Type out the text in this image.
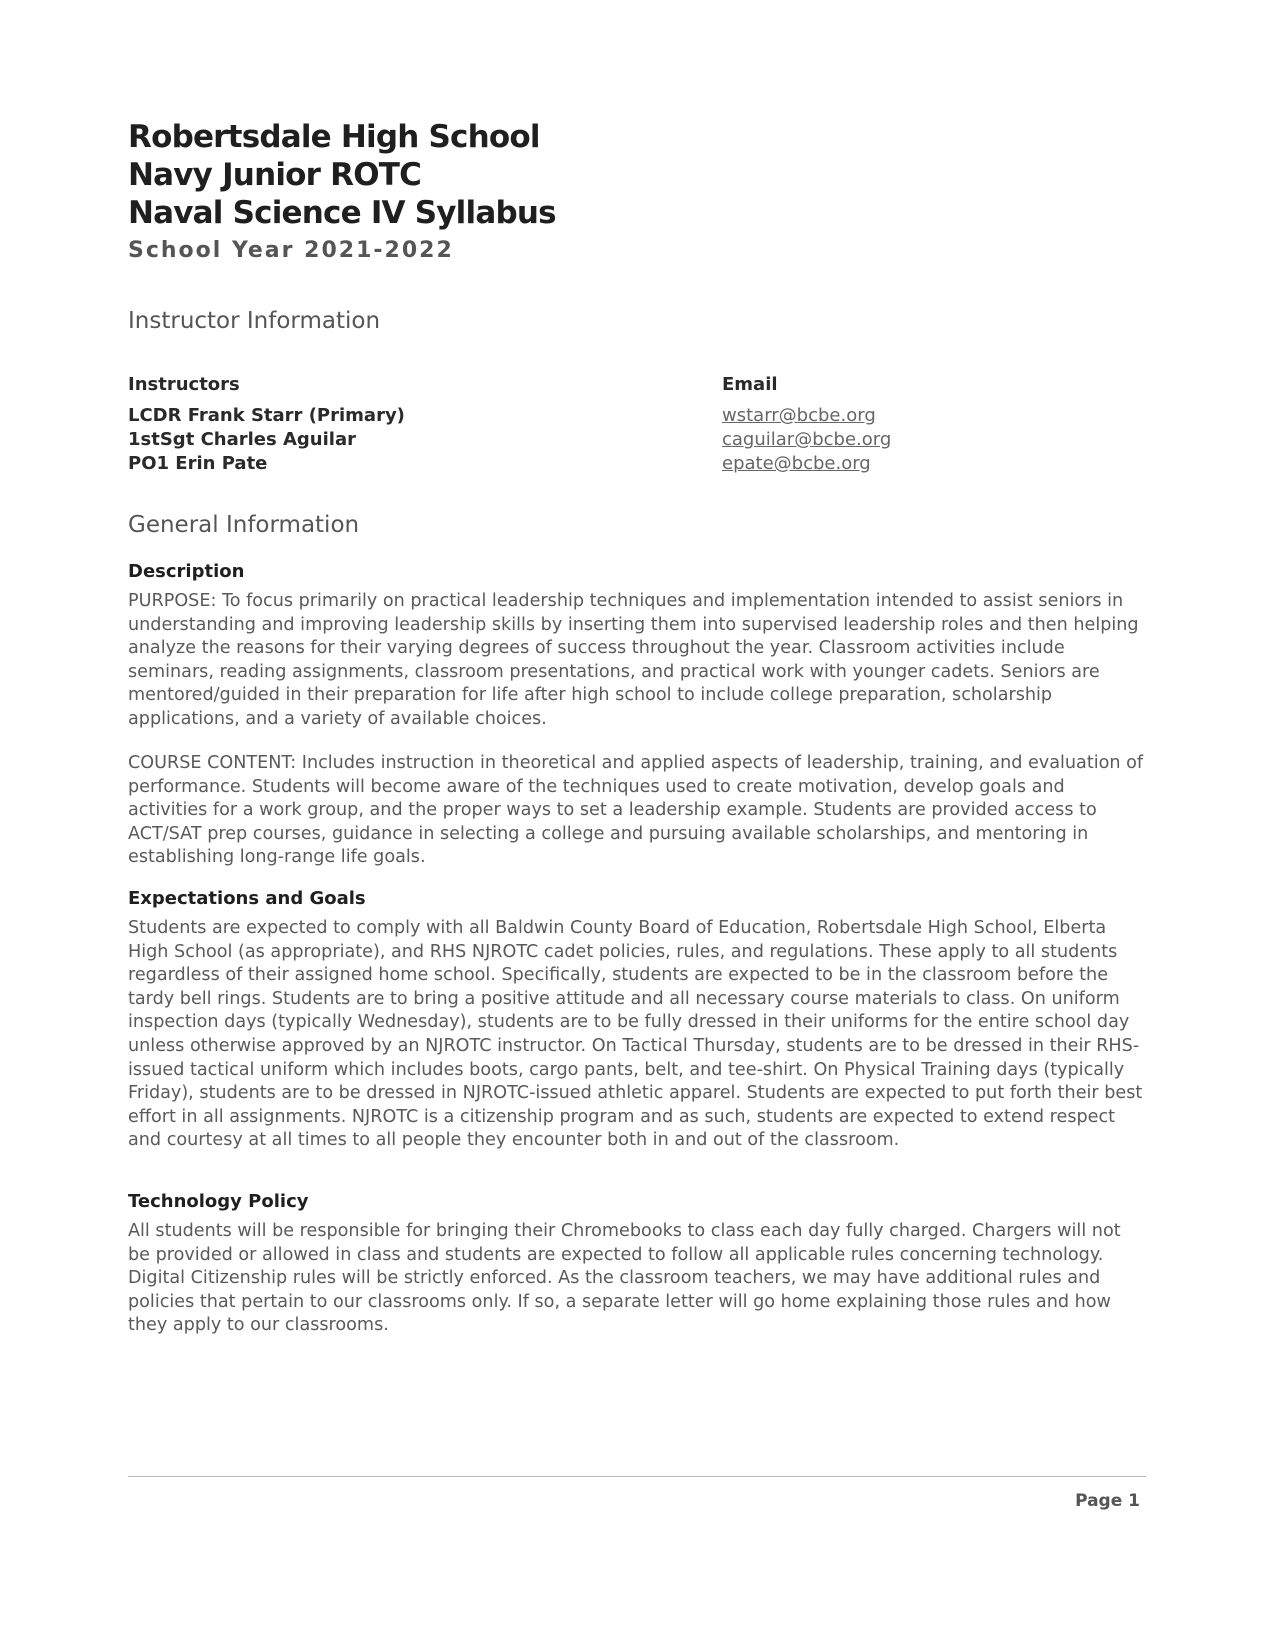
Robertsdale High School

Navy Junior ROTC

Naval Science IV Syllabus

School Year 2021-2022

Instructor Information

Instructors

LCDR Frank Starr (Primary)

1stSgt Charles Aguilar

PO1 Erin Pate

Email

wstarr@bcbe.org
caguilar@bcbe.org
epate@bcbe.org

General Information

Description

PURPOSE: To focus primarily on practical leadership techniques and implementation intended to assist seniors in understanding and improving leadership skills by inserting them into supervised leadership roles and then helping analyze the reasons for their varying degrees of success throughout the year. Classroom activities include seminars, reading assignments, classroom presentations, and practical work with younger cadets. Seniors are mentored/guided in their preparation for life after high school to include college preparation, scholarship applications, and a variety of available choices.

COURSE CONTENT: Includes instruction in theoretical and applied aspects of leadership, training, and evaluation of performance. Students will become aware of the techniques used to create motivation, develop goals and activities for a work group, and the proper ways to set a leadership example. Students are provided access to ACT/SAT prep courses, guidance in selecting a college and pursuing available scholarships, and mentoring in establishing long-range life goals.

Expectations and Goals

Students are expected to comply with all Baldwin County Board of Education, Robertsdale High School, Elberta High School (as appropriate), and RHS NJROTC cadet policies, rules, and regulations. These apply to all students regardless of their assigned home school. Specifically, students are expected to be in the classroom before the tardy bell rings. Students are to bring a positive attitude and all necessary course materials to class. On uniform inspection days (typically Wednesday), students are to be fully dressed in their uniforms for the entire school day unless otherwise approved by an NJROTC instructor. On Tactical Thursday, students are to be dressed in their RHS-issued tactical uniform which includes boots, cargo pants, belt, and tee-shirt. On Physical Training days (typically Friday), students are to be dressed in NJROTC-issued athletic apparel. Students are expected to put forth their best effort in all assignments. NJROTC is a citizenship program and as such, students are expected to extend respect and courtesy at all times to all people they encounter both in and out of the classroom.

Technology Policy

All students will be responsible for bringing their Chromebooks to class each day fully charged. Chargers will not be provided or allowed in class and students are expected to follow all applicable rules concerning technology. Digital Citizenship rules will be strictly enforced. As the classroom teachers, we may have additional rules and policies that pertain to our classrooms only. If so, a separate letter will go home explaining those rules and how they apply to our classrooms.

Page 1
